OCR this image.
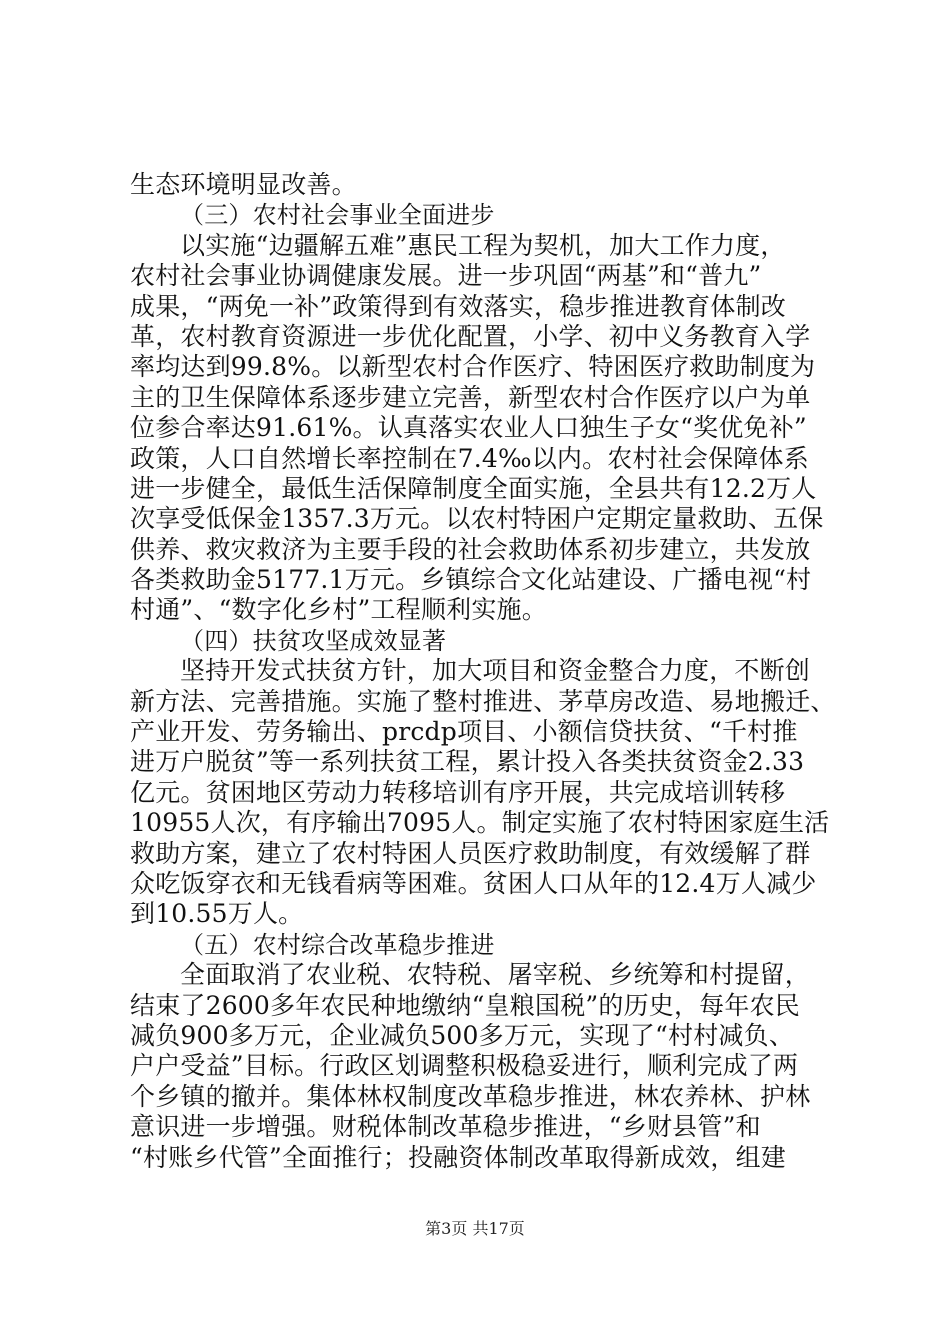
生态环境明显改善。
（三）农村社会事业全面进步
以实施“边疆解五难”惠民工程为契机，加大工作力度，
农村社会事业协调健康发展。进一步巩固“两基”和“普九”
成果，“两免一补”政策得到有效落实，稳步推进教育体制改
革，农村教育资源进一步优化配置，小学、初中义务教育入学
率均达到99.8%。以新型农村合作医疗、特困医疗救助制度为
主的卫生保障体系逐步建立完善，新型农村合作医疗以户为单
位参合率达91.61%。认真落实农业人口独生子女“奖优免补”
政策，人口自然增长率控制在7.4‰以内。农村社会保障体系
进一步健全，最低生活保障制度全面实施，全县共有12.2万人
次享受低保金1357.3万元。以农村特困户定期定量救助、五保
供养、救灾救济为主要手段的社会救助体系初步建立，共发放
各类救助金5177.1万元。乡镇综合文化站建设、广播电视“村
村通”、“数字化乡村”工程顺利实施。
（四）扶贫攻坚成效显著
坚持开发式扶贫方针，加大项目和资金整合力度，不断创
新方法、完善措施。实施了整村推进、茅草房改造、易地搬迁、
产业开发、劳务输出、prcdp项目、小额信贷扶贫、“千村推
进万户脱贫”等一系列扶贫工程，累计投入各类扶贫资金2.33
亿元。贫困地区劳动力转移培训有序开展，共完成培训转移
10955人次，有序输出7095人。制定实施了农村特困家庭生活
救助方案，建立了农村特困人员医疗救助制度，有效缓解了群
众吃饭穿衣和无钱看病等困难。贫困人口从年的12.4万人减少
到10.55万人。
（五）农村综合改革稳步推进
全面取消了农业税、农特税、屠宰税、乡统筹和村提留，
结束了2600多年农民种地缴纳“皇粮国税”的历史，每年农民
减负900多万元，企业减负500多万元，实现了“村村减负、
户户受益”目标。行政区划调整积极稳妥进行，顺利完成了两
个乡镇的撤并。集体林权制度改革稳步推进，林农养林、护林
意识进一步增强。财税体制改革稳步推进，“乡财县管”和
“村账乡代管”全面推行；投融资体制改革取得新成效，组建
第3页 共17页
